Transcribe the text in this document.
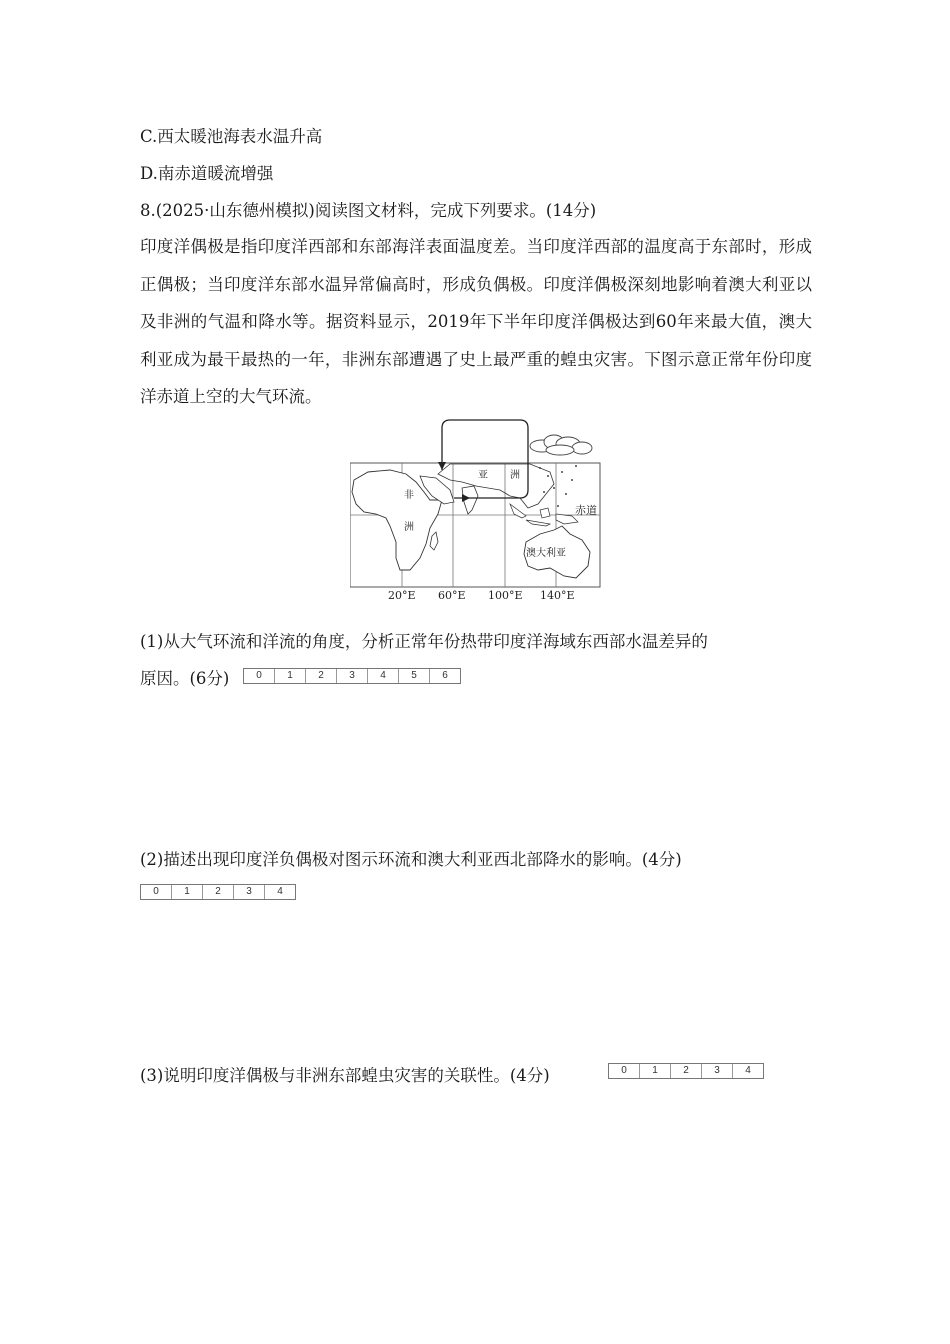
C.西太暖池海表水温升高
D.南赤道暖流增强
8.(2025·山东德州模拟)阅读图文材料，完成下列要求。(14分)
印度洋偶极是指印度洋西部和东部海洋表面温度差。当印度洋西部的温度高于东部时，形成正偶极；当印度洋东部水温异常偏高时，形成负偶极。印度洋偶极深刻地影响着澳大利亚以及非洲的气温和降水等。据资料显示，2019年下半年印度洋偶极达到60年来最大值，澳大利亚成为最干最热的一年，非洲东部遭遇了史上最严重的蝗虫灾害。下图示意正常年份印度洋赤道上空的大气环流。
非
洲
亚 洲
澳大利亚
赤道
20°E 60°E 100°E 140°E
(1)从大气环流和洋流的角度，分析正常年份热带印度洋海域东西部水温差异的
原因。(6分)	0	1	2	3	4	5	6
(2)描述出现印度洋负偶极对图示环流和澳大利亚西北部降水的影响。(4分)
0	1	2	3	4
(3)说明印度洋偶极与非洲东部蝗虫灾害的关联性。(4分)	0	1	2	3	4
